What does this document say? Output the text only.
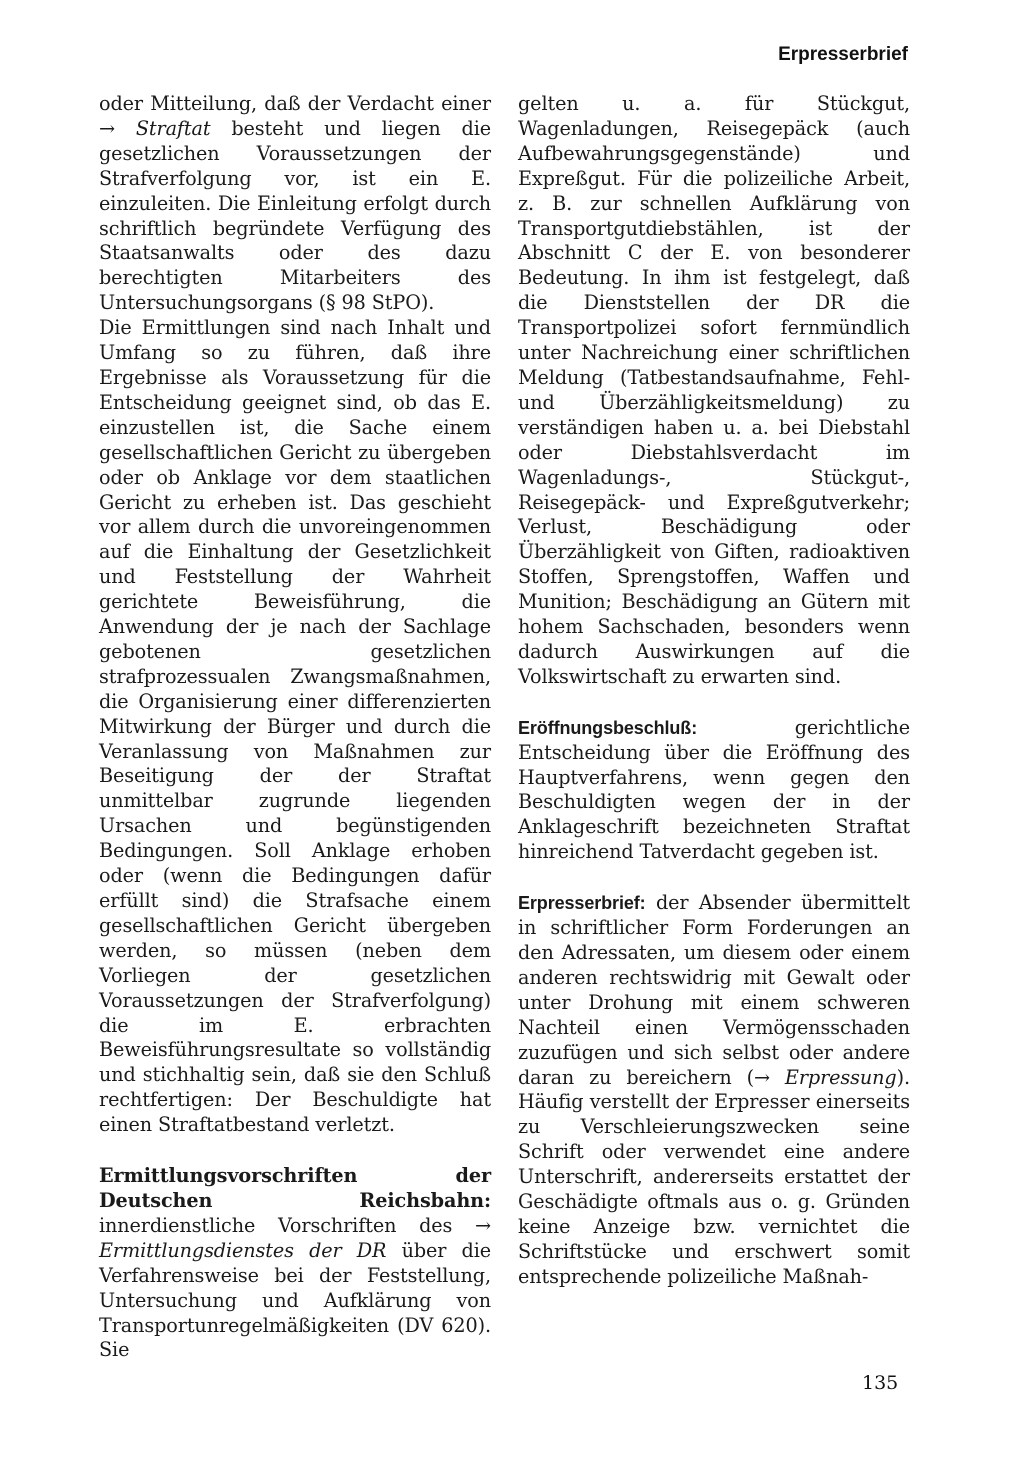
Erpresserbrief

oder Mitteilung, daß der Verdacht einer → Straftat besteht und liegen die gesetzlichen Voraussetzungen der Strafverfolgung vor, ist ein E. einzuleiten. Die Einleitung erfolgt durch schriftlich begründete Verfügung des Staatsanwalts oder des dazu berechtigten Mitarbeiters des Untersuchungsorgans (§ 98 StPO).

Die Ermittlungen sind nach Inhalt und Umfang so zu führen, daß ihre Ergebnisse als Voraussetzung für die Entscheidung geeignet sind, ob das E. einzustellen ist, die Sache einem gesellschaftlichen Gericht zu übergeben oder ob Anklage vor dem staatlichen Gericht zu erheben ist. Das geschieht vor allem durch die unvoreingenommen auf die Einhaltung der Gesetzlichkeit und Feststellung der Wahrheit gerichtete Beweisführung, die Anwendung der je nach der Sachlage gebotenen gesetzlichen strafprozessualen Zwangsmaßnahmen, die Organisierung einer differenzierten Mitwirkung der Bürger und durch die Veranlassung von Maßnahmen zur Beseitigung der der Straftat unmittelbar zugrunde liegenden Ursachen und begünstigenden Bedingungen. Soll Anklage erhoben oder (wenn die Bedingungen dafür erfüllt sind) die Strafsache einem gesellschaftlichen Gericht übergeben werden, so müssen (neben dem Vorliegen der gesetzlichen Voraussetzungen der Strafverfolgung) die im E. erbrachten Beweisführungsresultate so vollständig und stichhaltig sein, daß sie den Schluß rechtfertigen: Der Beschuldigte hat einen Straftatbestand verletzt.

Ermittlungsvorschriften der Deutschen Reichsbahn: innerdienstliche Vorschriften des → Ermittlungsdienstes der DR über die Verfahrensweise bei der Feststellung, Untersuchung und Aufklärung von Transportunregelmäßigkeiten (DV 620). Sie

gelten u. a. für Stückgut, Wagenladungen, Reisegepäck (auch Aufbewahrungsgegenstände) und Expreßgut. Für die polizeiliche Arbeit, z. B. zur schnellen Aufklärung von Transportgutdiebstählen, ist der Abschnitt C der E. von besonderer Bedeutung. In ihm ist festgelegt, daß die Dienststellen der DR die Transportpolizei sofort fernmündlich unter Nachreichung einer schriftlichen Meldung (Tatbestandsaufnahme, Fehl- und Überzähligkeitsmeldung) zu verständigen haben u. a. bei Diebstahl oder Diebstahlsverdacht im Wagenladungs-, Stückgut-, Reisegepäck- und Expreßgutverkehr; Verlust, Beschädigung oder Überzähligkeit von Giften, radioaktiven Stoffen, Sprengstoffen, Waffen und Munition; Beschädigung an Gütern mit hohem Sachschaden, besonders wenn dadurch Auswirkungen auf die Volkswirtschaft zu erwarten sind.

Eröffnungsbeschluß: gerichtliche Entscheidung über die Eröffnung des Hauptverfahrens, wenn gegen den Beschuldigten wegen der in der Anklageschrift bezeichneten Straftat hinreichend Tatverdacht gegeben ist.

Erpresserbrief: der Absender übermittelt in schriftlicher Form Forderungen an den Adressaten, um diesem oder einem anderen rechtswidrig mit Gewalt oder unter Drohung mit einem schweren Nachteil einen Vermögensschaden zuzufügen und sich selbst oder andere daran zu bereichern (→ Erpressung). Häufig verstellt der Erpresser einerseits zu Verschleierungszwecken seine Schrift oder verwendet eine andere Unterschrift, andererseits erstattet der Geschädigte oftmals aus o. g. Gründen keine Anzeige bzw. vernichtet die Schriftstücke und erschwert somit entsprechende polizeiliche Maßnah-

135
